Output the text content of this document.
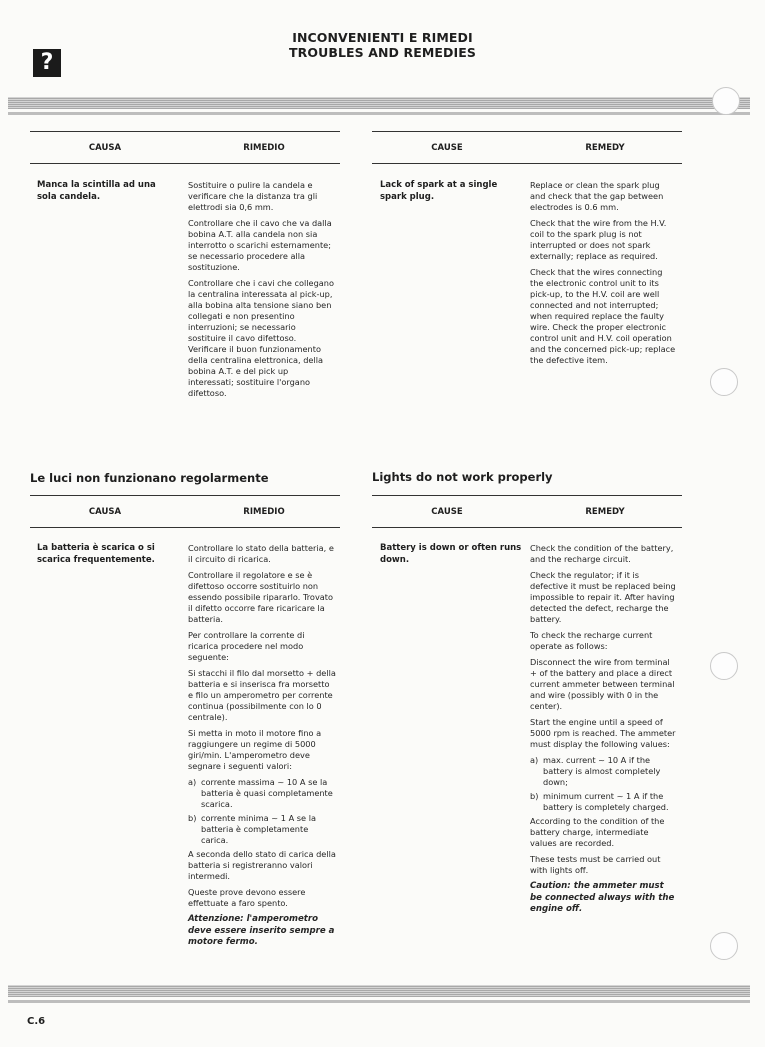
INCONVENIENTI E RIMEDI
TROUBLES AND REMEDIES
?
CAUSA	RIMEDIO
Manca la scintilla ad una sola candela.

Sostituire o pulire la candela e verificare che la distanza tra gli elettrodi sia 0,6 mm.

Controllare che il cavo che va dalla bobina A.T. alla candela non sia interrotto o scarichi esternamente; se necessario procedere alla sostituzione.

Controllare che i cavi che collegano la centralina interessata al pick-up, alla bobina alta tensione siano ben collegati e non presentino interruzioni; se necessario sostituire il cavo difettoso. Verificare il buon funzionamento della centralina elettronica, della bobina A.T. e del pick up interessati; sostituire l'organo difettoso.

CAUSE	REMEDY
Lack of spark at a single spark plug.

Replace or clean the spark plug and check that the gap between electrodes is 0.6 mm.

Check that the wire from the H.V. coil to the spark plug is not interrupted or does not spark externally; replace as required.

Check that the wires connecting the electronic control unit to its pick-up, to the H.V. coil are well connected and not interrupted; when required replace the faulty wire. Check the proper electronic control unit and H.V. coil operation and the concerned pick-up; replace the defective item.

Le luci non funzionano regolarmente
CAUSA	RIMEDIO
La batteria è scarica o si scarica frequentemente.

Controllare lo stato della batteria, e il circuito di ricarica.

Controllare il regolatore e se è difettoso occorre sostituirlo non essendo possibile ripararlo. Trovato il difetto occorre fare ricaricare la batteria.

Per controllare la corrente di ricarica procedere nel modo seguente:

Si stacchi il filo dal morsetto + della batteria e si inserisca fra morsetto e filo un amperometro per corrente continua (possibilmente con lo 0 centrale).

Si metta in moto il motore fino a raggiungere un regime di 5000 giri/min. L'amperometro deve segnare i seguenti valori:

a) corrente massima ~ 10 A se la batteria è quasi completamente scarica.
b) corrente minima ~ 1 A se la batteria è completamente carica.

A seconda dello stato di carica della batteria si registreranno valori intermedi.

Queste prove devono essere effettuate a faro spento.

Attenzione: l'amperometro deve essere inserito sempre a motore fermo.

Lights do not work properly
CAUSE	REMEDY
Battery is down or often runs down.

Check the condition of the battery, and the recharge circuit.

Check the regulator; if it is defective it must be replaced being impossible to repair it. After having detected the defect, recharge the battery.

To check the recharge current operate as follows:

Disconnect the wire from terminal + of the battery and place a direct current ammeter between terminal and wire (possibly with 0 in the center).

Start the engine until a speed of 5000 rpm is reached. The ammeter must display the following values:

a) max. current ~ 10 A if the battery is almost completely down;
b) minimum current ~ 1 A if the battery is completely charged.

According to the condition of the battery charge, intermediate values are recorded.

These tests must be carried out with lights off.

Caution: the ammeter must be connected always with the engine off.

C.6
